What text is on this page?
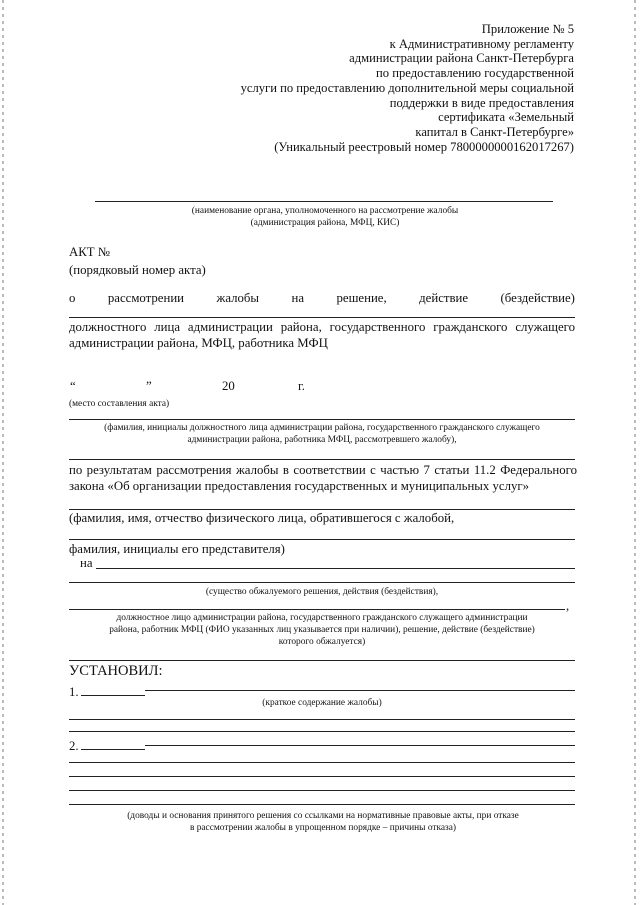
Приложение № 5
к Административному регламенту
администрации района Санкт-Петербурга
по предоставлению государственной
услуги по предоставлению дополнительной меры социальной
поддержки в виде предоставления
сертификата «Земельный
капитал в Санкт-Петербурге»
(Уникальный реестровый номер 7800000000162017267)
(наименование органа, уполномоченного на рассмотрение жалобы
(администрация района, МФЦ, КИС)
АКТ №
(порядковый номер акта)
о	рассмотрении	жалобы	на	решение,	действие	(бездействие)
должностного лица администрации района, государственного гражданского служащего администрации района, МФЦ, работника МФЦ
“	”	20	г.
(место составления акта)
(фамилия, инициалы должностного лица администрации района, государственного гражданского служащего
администрации района, работника МФЦ, рассмотревшего жалобу),
по результатам рассмотрения жалобы в соответствии с частью 7 статьи 11.2 Федерального закона «Об организации предоставления государственных и муниципальных услуг»
(фамилия, имя, отчество физического лица, обратившегося с жалобой,
фамилия, инициалы его представителя)
на
(существо обжалуемого решения, действия (бездействия),
,
должностное лицо администрации района, государственного гражданского служащего администрации
района, работник МФЦ (ФИО указанных лиц указывается при наличии), решение, действие (бездействие)
которого обжалуется)
УСТАНОВИЛ:
1.
(краткое содержание жалобы)
2.
(доводы и основания принятого решения со ссылками на нормативные правовые акты, при отказе
в рассмотрении жалобы в упрощенном порядке – причины отказа)
